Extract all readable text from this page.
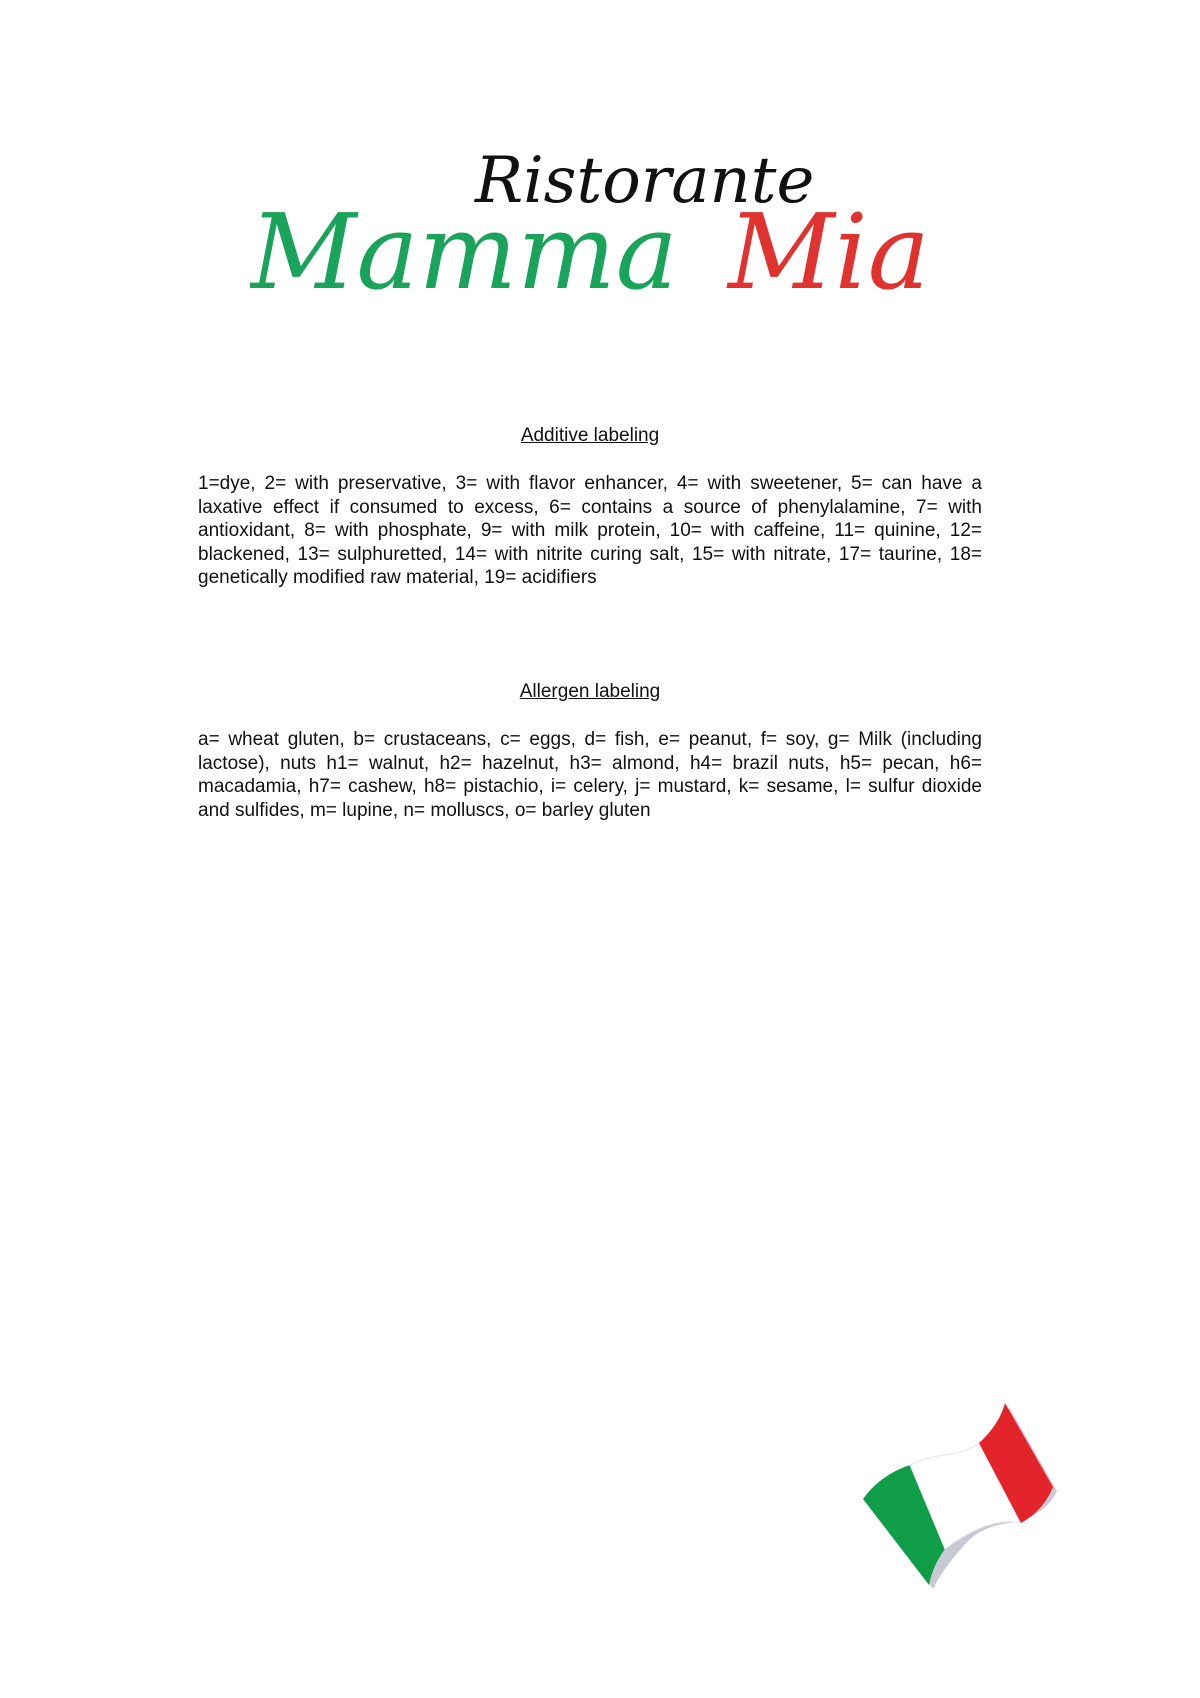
Ristorante
Mamma Mia
Additive labeling

1=dye, 2= with preservative, 3= with flavor enhancer, 4= with sweetener, 5= can have a laxative effect if consumed to excess, 6= contains a source of phenylalamine, 7= with antioxidant, 8= with phosphate, 9= with milk protein, 10= with caffeine, 11= quinine, 12= blackened, 13= sulphuretted, 14= with nitrite curing salt, 15= with nitrate, 17= taurine, 18= genetically modified raw material, 19= acidifiers

Allergen labeling

a= wheat gluten, b= crustaceans, c= eggs, d= fish, e= peanut, f= soy, g= Milk (including lactose), nuts h1= walnut, h2= hazelnut, h3= almond, h4= brazil nuts, h5= pecan, h6= macadamia, h7= cashew, h8= pistachio, i= celery, j= mustard, k= sesame, l= sulfur dioxide and sulfides, m= lupine, n= molluscs, o= barley gluten
